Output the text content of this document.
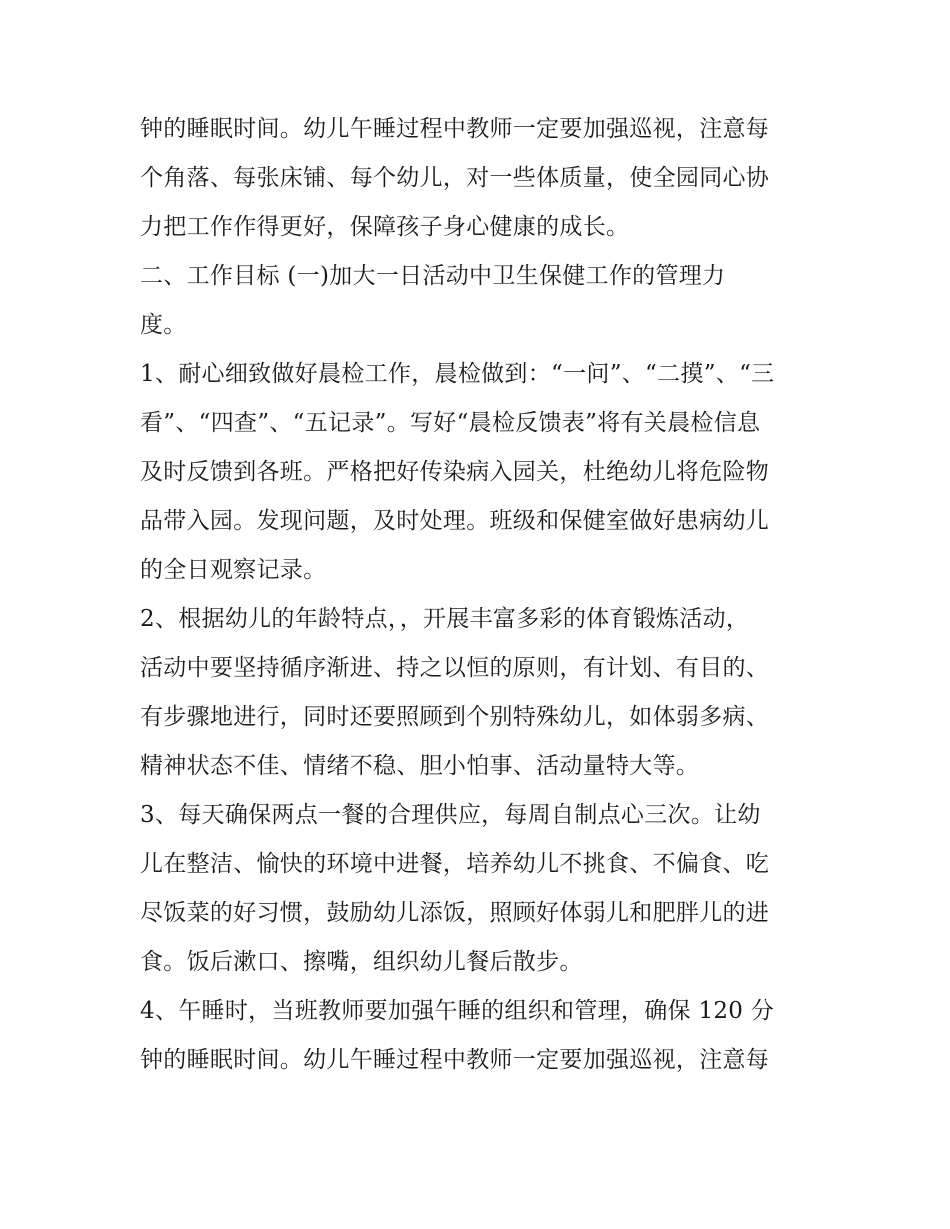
钟的睡眠时间。幼儿午睡过程中教师一定要加强巡视，注意每
个角落、每张床铺、每个幼儿，对一些体质量，使全园同心协
力把工作作得更好，保障孩子身心健康的成长。
二、工作目标 (一)加大一日活动中卫生保健工作的管理力
度。
1、耐心细致做好晨检工作，晨检做到：“一问”、“二摸”、“三
看”、“四查”、“五记录”。写好“晨检反馈表”将有关晨检信息
及时反馈到各班。严格把好传染病入园关，杜绝幼儿将危险物
品带入园。发现问题，及时处理。班级和保健室做好患病幼儿
的全日观察记录。
2、根据幼儿的年龄特点，，开展丰富多彩的体育锻炼活动，
活动中要坚持循序渐进、持之以恒的原则，有计划、有目的、
有步骤地进行，同时还要照顾到个别特殊幼儿，如体弱多病、
精神状态不佳、情绪不稳、胆小怕事、活动量特大等。
3、每天确保两点一餐的合理供应，每周自制点心三次。让幼
儿在整洁、愉快的环境中进餐，培养幼儿不挑食、不偏食、吃
尽饭菜的好习惯，鼓励幼儿添饭，照顾好体弱儿和肥胖儿的进
食。饭后漱口、擦嘴，组织幼儿餐后散步。
4、午睡时，当班教师要加强午睡的组织和管理，确保 120 分
钟的睡眠时间。幼儿午睡过程中教师一定要加强巡视，注意每
